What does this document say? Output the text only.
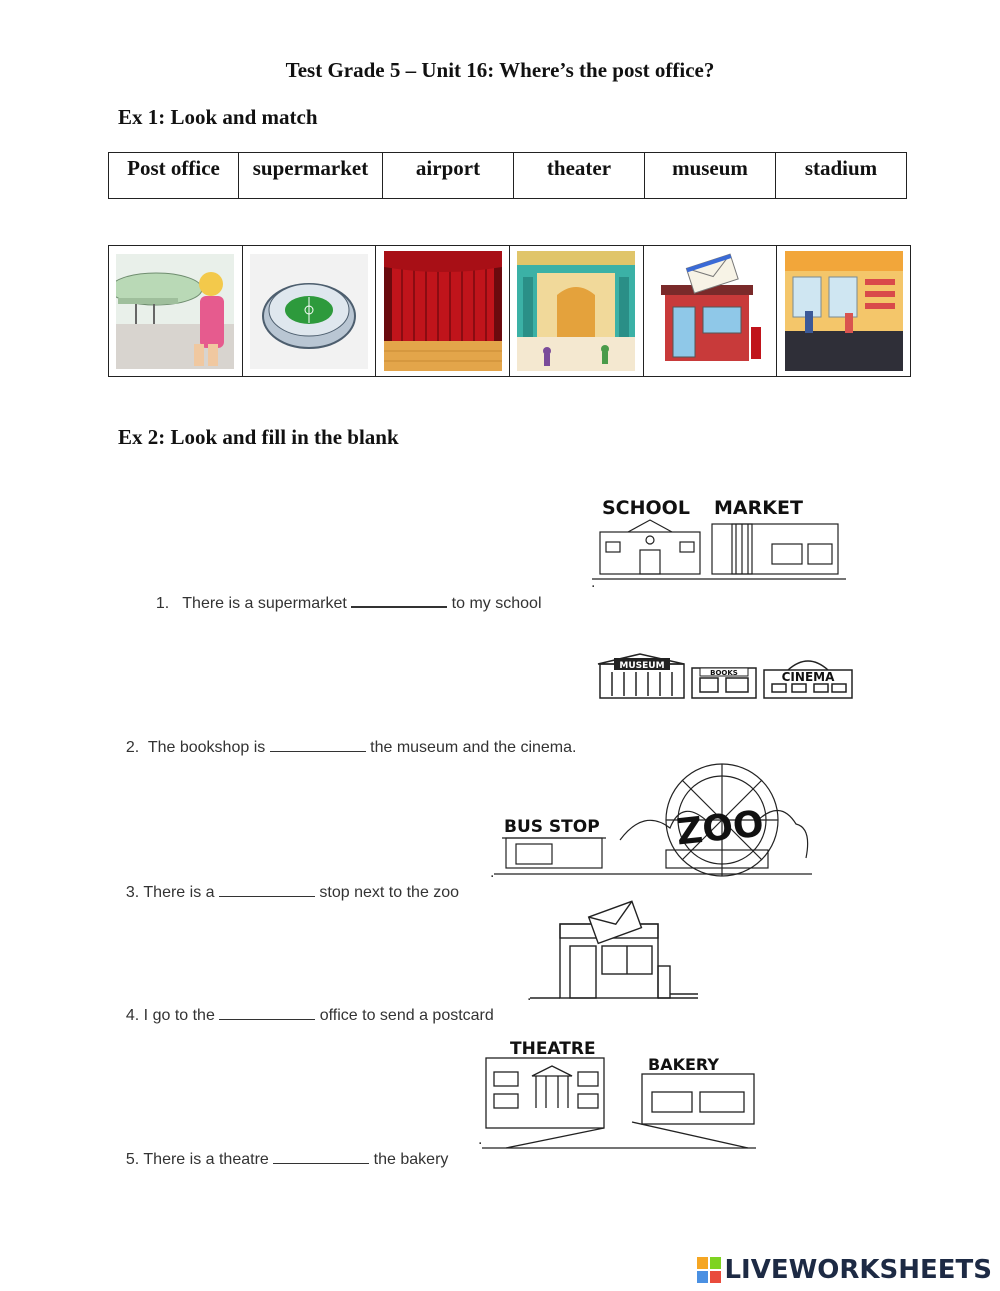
Test Grade 5 – Unit 16: Where’s the post office?
Ex 1: Look and match
Post office	supermarket	airport	theater	museum	stadium
Ex 2: Look and fill in the blank

1.   There is a supermarket	to my school

.

2.  The bookshop is	the museum and the cinema.

3. There is a	stop next to the zoo

.

4. I go to the	office to send a postcard

.

5. There is a theatre	the bakery

.
SCHOOL MARKET
MUSEUM
BOOKS	CINEMA
BUS STOP ZOO
THEATRE
BAKERY
LIVEWORKSHEETS
